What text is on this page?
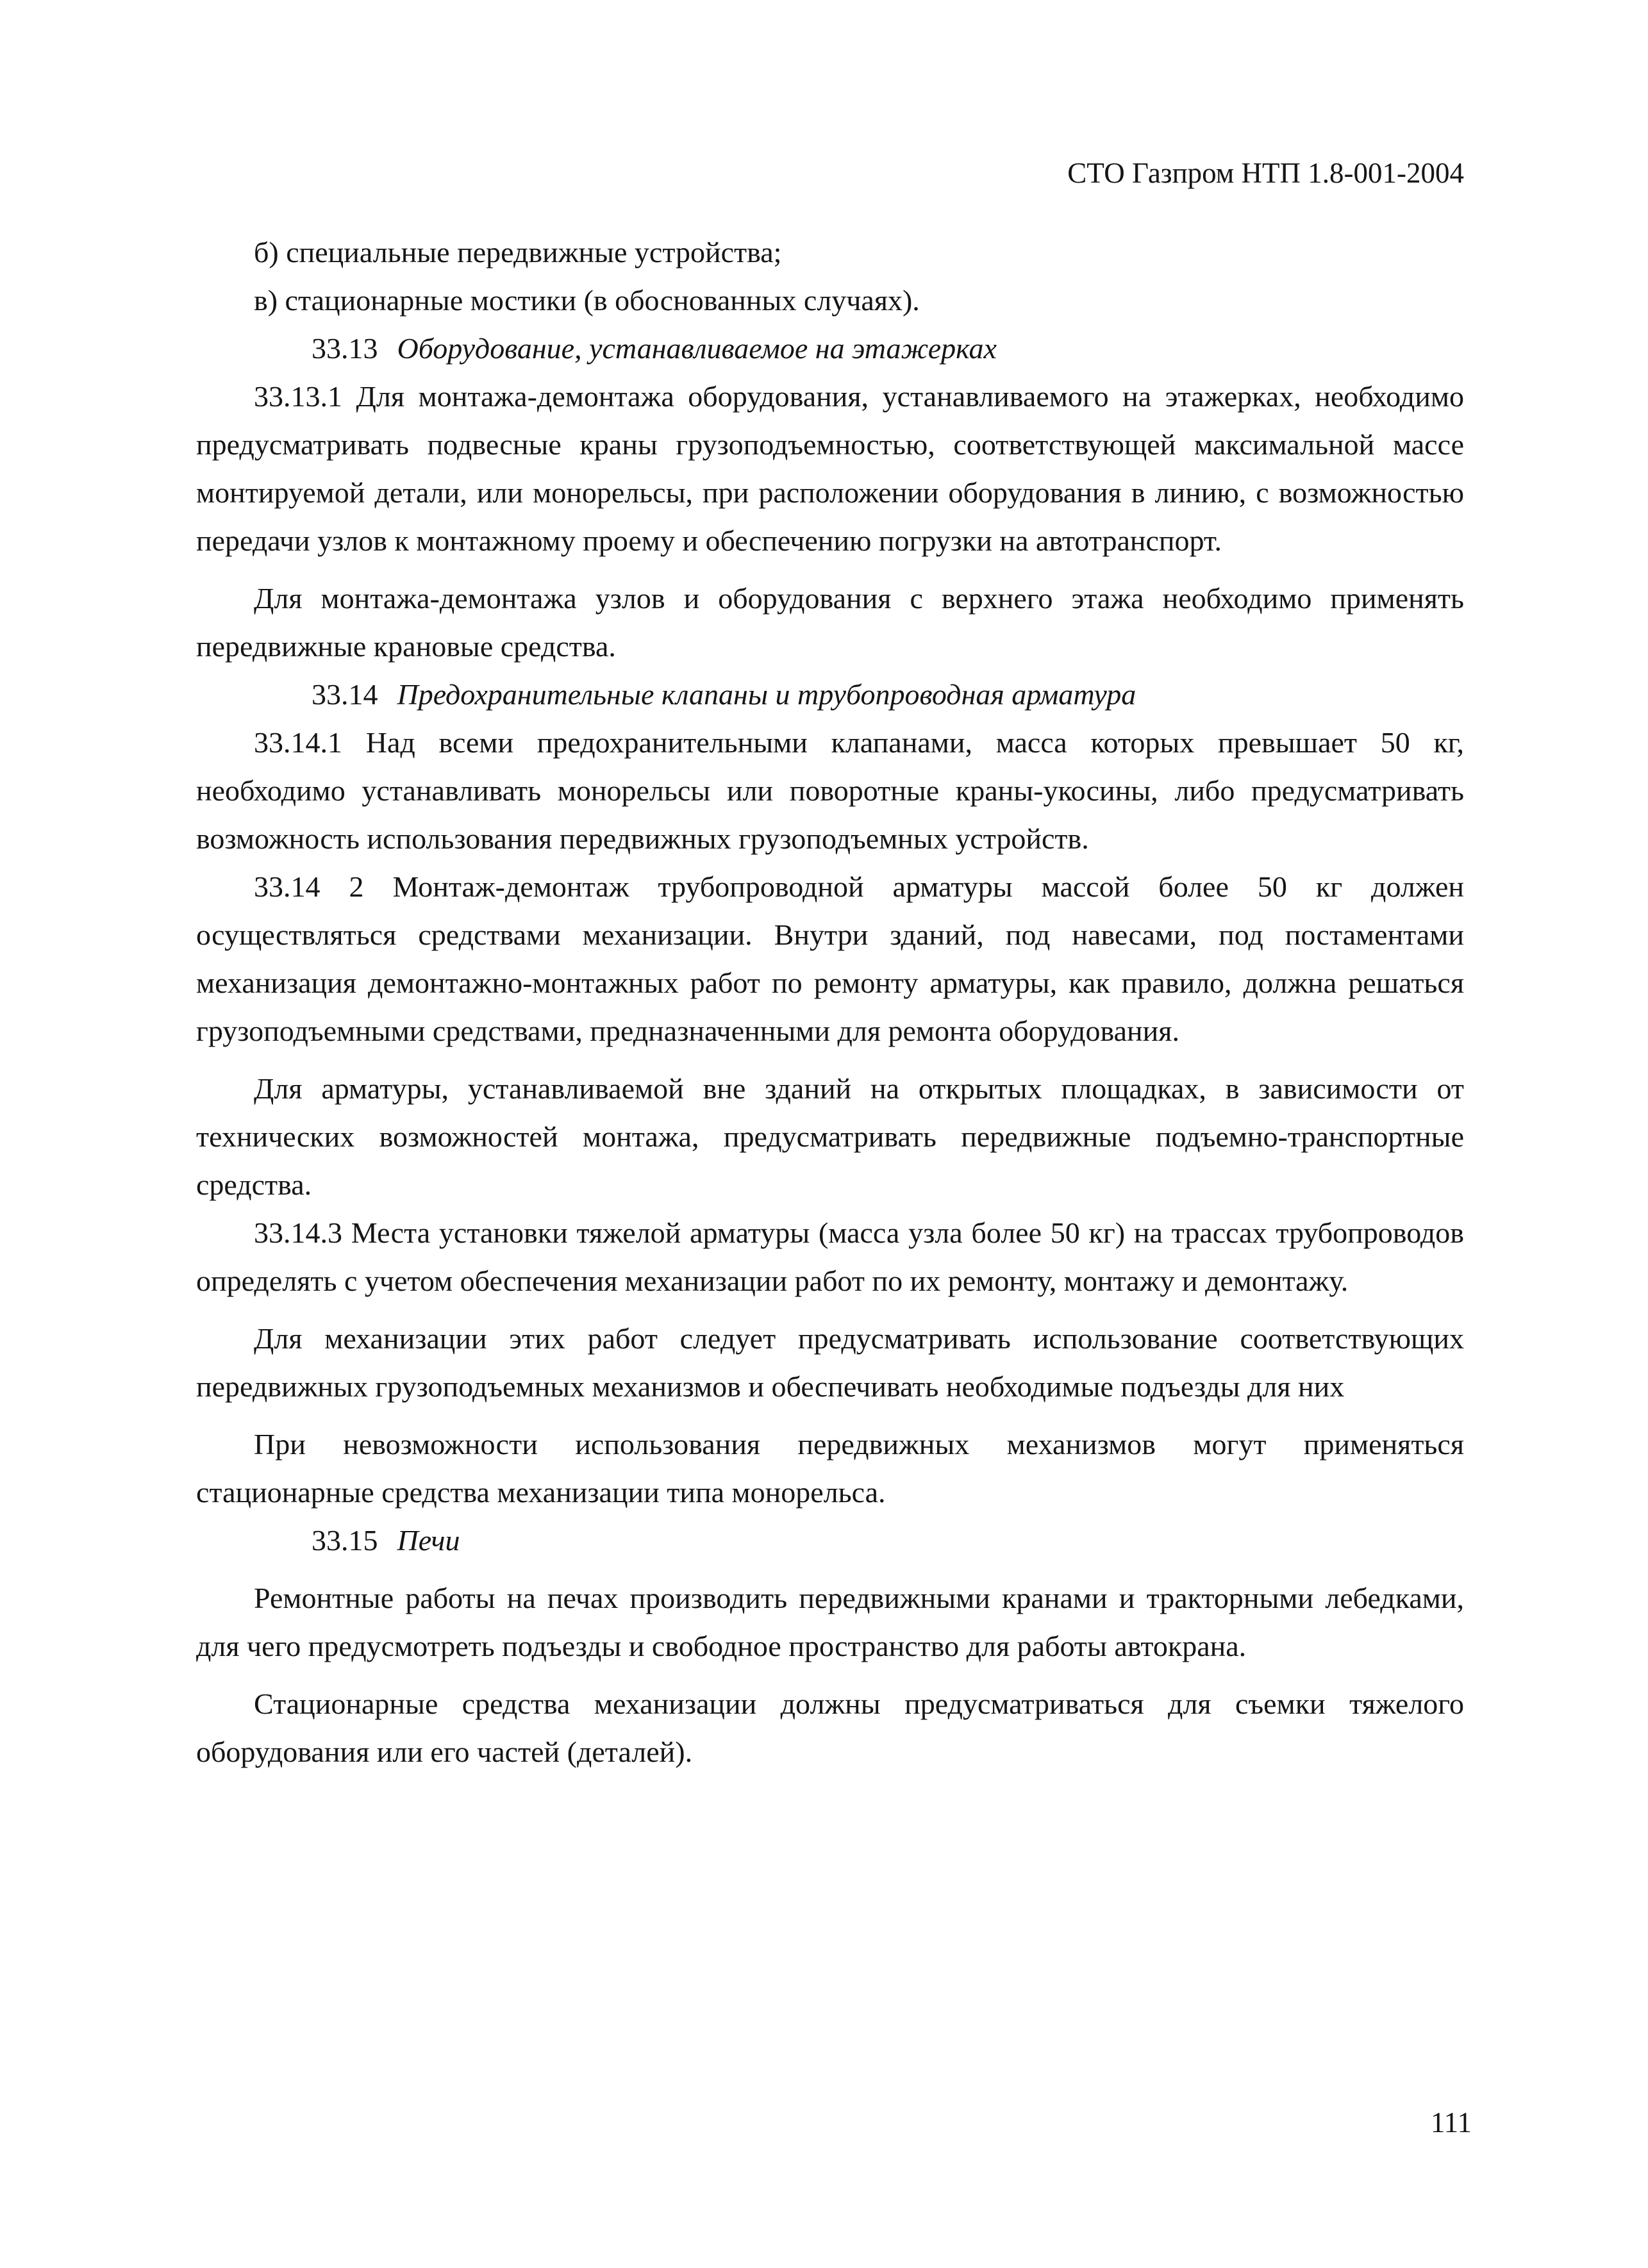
СТО Газпром НТП 1.8-001-2004

б) специальные передвижные устройства;

в) стационарные мостики (в обоснованных случаях).

33.13 Оборудование, устанавливаемое на этажерках

33.13.1 Для монтажа-демонтажа оборудования, устанавливаемого на этажерках, необходимо предусматривать подвесные краны грузоподъемностью, соответствующей максимальной массе монтируемой детали, или монорельсы, при расположении оборудования в линию, с возможностью передачи узлов к монтажному проему и обеспечению погрузки на автотранспорт.

Для монтажа-демонтажа узлов и оборудования с верхнего этажа необходимо применять передвижные крановые средства.

33.14 Предохранительные клапаны и трубопроводная арматура

33.14.1 Над всеми предохранительными клапанами, масса которых превышает 50 кг, необходимо устанавливать монорельсы или поворотные краны-укосины, либо предусматривать возможность использования передвижных грузоподъемных устройств.

33.14 2 Монтаж-демонтаж трубопроводной арматуры массой более 50 кг должен осуществляться средствами механизации. Внутри зданий, под навесами, под постаментами механизация демонтажно-монтажных работ по ремонту арматуры, как правило, должна решаться грузоподъемными средствами, предназначенными для ремонта оборудования.

Для арматуры, устанавливаемой вне зданий на открытых площадках, в зависимости от технических возможностей монтажа, предусматривать передвижные подъемно-транспортные средства.

33.14.3 Места установки тяжелой арматуры (масса узла более 50 кг) на трассах трубопроводов определять с учетом обеспечения механизации работ по их ремонту, монтажу и демонтажу.

Для механизации этих работ следует предусматривать использование соответствующих передвижных грузоподъемных механизмов и обеспечивать необходимые подъезды для них

При невозможности использования передвижных механизмов могут применяться стационарные средства механизации типа монорельса.

33.15 Печи

Ремонтные работы на печах производить передвижными кранами и тракторными лебедками, для чего предусмотреть подъезды и свободное пространство для работы автокрана.

Стационарные средства механизации должны предусматриваться для съемки тяжелого оборудования или его частей (деталей).

111
